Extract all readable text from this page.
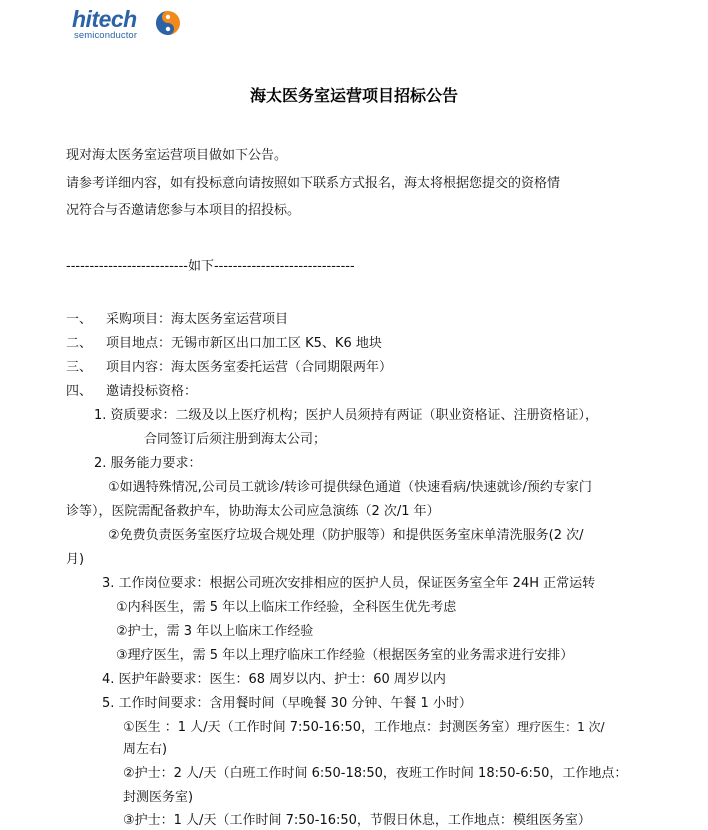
hitech
semiconductor
海太医务室运营项目招标公告
现对海太医务室运营项目做如下公告。
请参考详细内容，如有投标意向请按照如下联系方式报名，海太将根据您提交的资格情
况符合与否邀请您参与本项目的招投标。
--------------------------如下------------------------------
一、 采购项目：海太医务室运营项目
二、 项目地点：无锡市新区出口加工区 K5、K6 地块
三、 项目内容：海太医务室委托运营（合同期限两年）
四、 邀请投标资格：
1. 资质要求：二级及以上医疗机构；医护人员须持有两证（职业资格证、注册资格证），
合同签订后须注册到海太公司；
2. 服务能力要求：
①如遇特殊情况,公司员工就诊/转诊可提供绿色通道（快速看病/快速就诊/预约专家门
诊等），医院需配备救护车，协助海太公司应急演练（2 次/1 年）
②免费负责医务室医疗垃圾合规处理（防护服等）和提供医务室床单清洗服务(2 次/
月)
3. 工作岗位要求：根据公司班次安排相应的医护人员，保证医务室全年 24H 正常运转
①内科医生，需 5 年以上临床工作经验，全科医生优先考虑
②护士，需 3 年以上临床工作经验
③理疗医生，需 5 年以上理疗临床工作经验（根据医务室的业务需求进行安排）
4. 医护年龄要求：医生：68 周岁以内、护士：60 周岁以内
5. 工作时间要求：含用餐时间（早晚餐 30 分钟、午餐 1 小时）
①医生 ：1 人/天（工作时间 7:50-16:50，工作地点：封测医务室）理疗医生：1 次/
周左右)
②护士：2 人/天（白班工作时间 6:50-18:50，夜班工作时间 18:50-6:50，工作地点：
封测医务室)
③护士：1 人/天（工作时间 7:50-16:50，节假日休息，工作地点：模组医务室）
